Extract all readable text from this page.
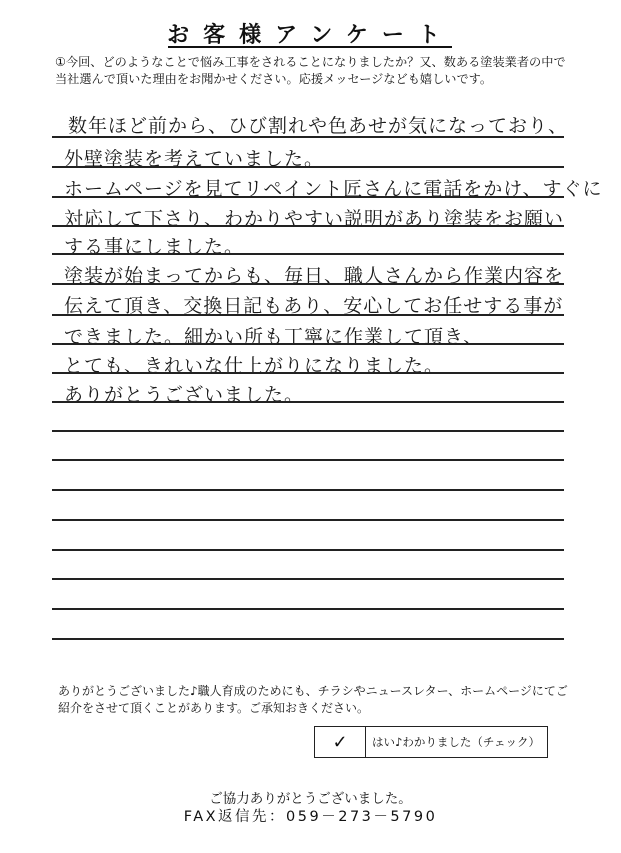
お客様アンケート
①今回、どのようなことで悩み工事をされることになりましたか？又、数ある塗装業者の中で当社選んで頂いた理由をお聞かせください。応援メッセージなども嬉しいです。
数年ほど前から、ひび割れや色あせが気になっており、
外壁塗装を考えていました。
ホームページを見てリペイント匠さんに電話をかけ、すぐに
対応して下さり、わかりやすい説明があり塗装をお願い
する事にしました。
塗装が始まってからも、毎日、職人さんから作業内容を
伝えて頂き、交換日記もあり、安心してお任せする事が
できました。細かい所も丁寧に作業して頂き、
とても、きれいな仕上がりになりました。
ありがとうございました。
ありがとうございました♪職人育成のためにも、チラシやニュースレター、ホームページにてご紹介をさせて頂くことがあります。ご承知おきください。
✓	はい♪わかりました（チェック）
ご協力ありがとうございました。
FAX返信先：059－273－5790
